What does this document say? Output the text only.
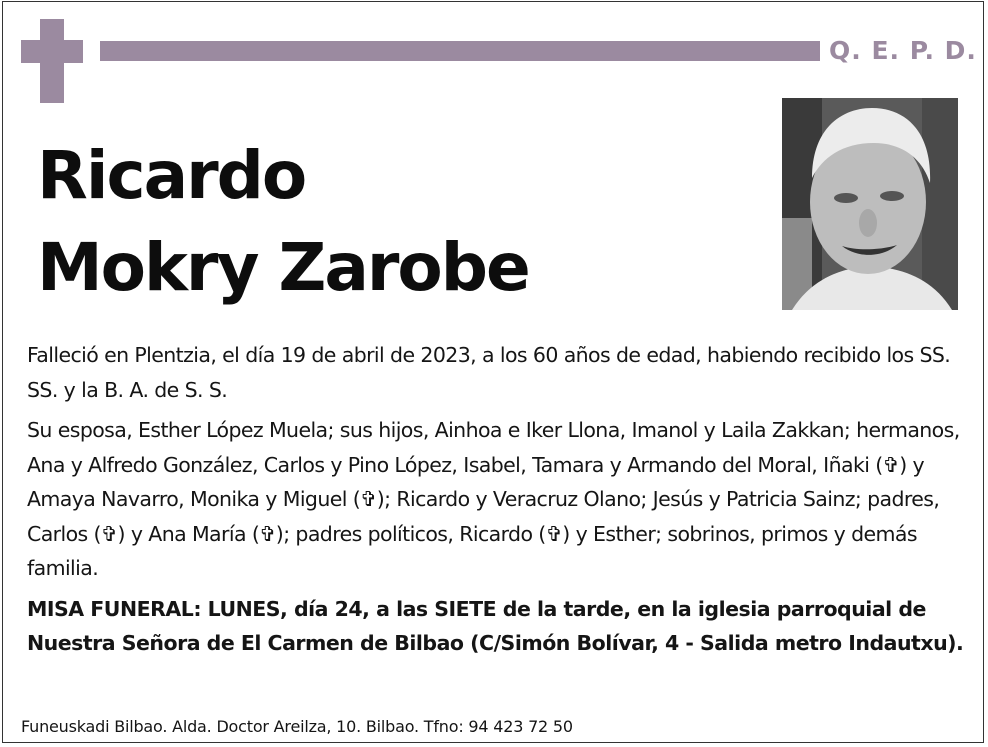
Q. E. P. D.
Ricardo
Mokry Zarobe

Falleció en Plentzia, el día 19 de abril de 2023, a los 60 años de edad, habiendo recibido los SS. SS. y la B. A. de S. S.

Su esposa, Esther López Muela; sus hijos, Ainhoa e Iker Llona, Imanol y Laila Zakkan; hermanos, Ana y Alfredo González, Carlos y Pino López, Isabel, Tamara y Armando del Moral, Iñaki (✞) y Amaya Navarro, Monika y Miguel (✞); Ricardo y Veracruz Olano; Jesús y Patricia Sainz; padres, Carlos (✞) y Ana María (✞); padres políticos, Ricardo (✞) y Esther; sobrinos, primos y demás familia.

MISA FUNERAL: LUNES, día 24, a las SIETE de la tarde, en la iglesia parroquial de Nuestra Señora de El Carmen de Bilbao (C/Simón Bolívar, 4 - Salida metro Indautxu).

Funeuskadi Bilbao. Alda. Doctor Areilza, 10. Bilbao. Tfno: 94 423 72 50
